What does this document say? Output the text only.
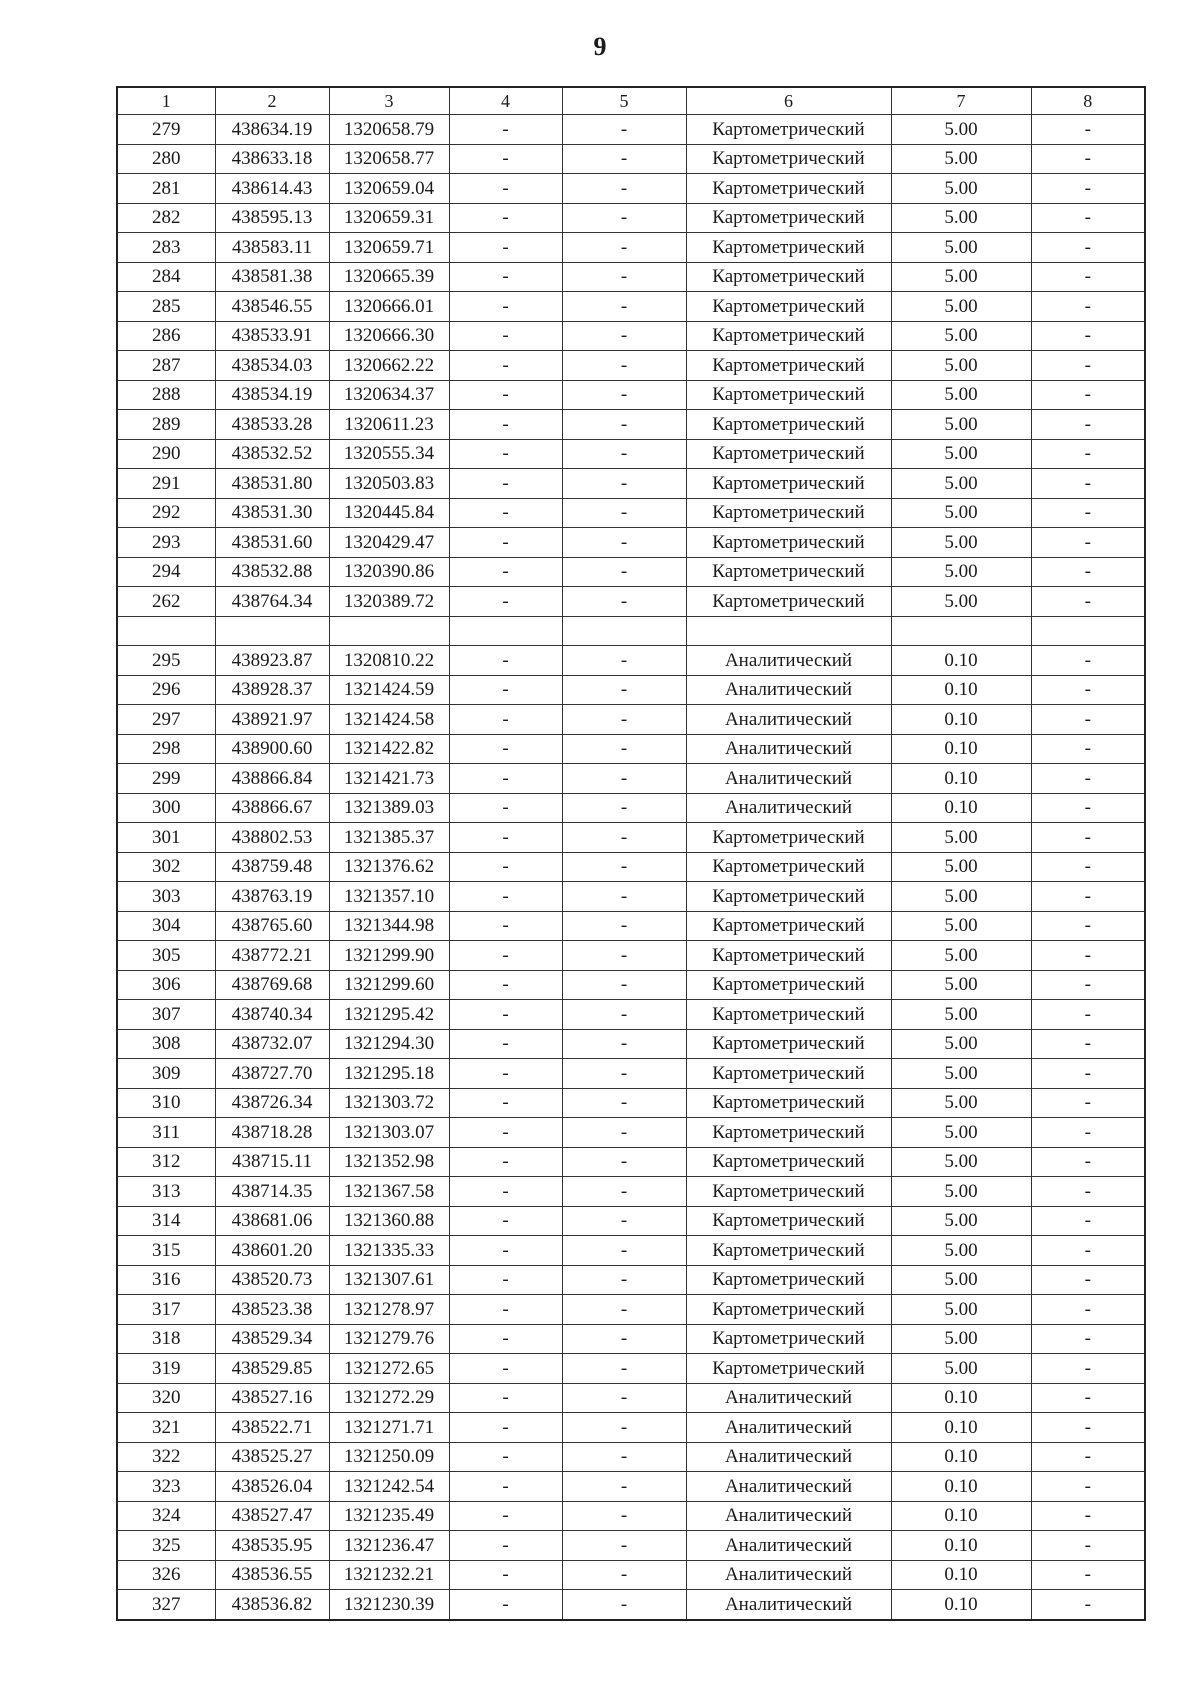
9
1	2	3	4	5	6	7	8
279	438634.19	1320658.79	-	-	Картометрический	5.00	-
280	438633.18	1320658.77	-	-	Картометрический	5.00	-
281	438614.43	1320659.04	-	-	Картометрический	5.00	-
282	438595.13	1320659.31	-	-	Картометрический	5.00	-
283	438583.11	1320659.71	-	-	Картометрический	5.00	-
284	438581.38	1320665.39	-	-	Картометрический	5.00	-
285	438546.55	1320666.01	-	-	Картометрический	5.00	-
286	438533.91	1320666.30	-	-	Картометрический	5.00	-
287	438534.03	1320662.22	-	-	Картометрический	5.00	-
288	438534.19	1320634.37	-	-	Картометрический	5.00	-
289	438533.28	1320611.23	-	-	Картометрический	5.00	-
290	438532.52	1320555.34	-	-	Картометрический	5.00	-
291	438531.80	1320503.83	-	-	Картометрический	5.00	-
292	438531.30	1320445.84	-	-	Картометрический	5.00	-
293	438531.60	1320429.47	-	-	Картометрический	5.00	-
294	438532.88	1320390.86	-	-	Картометрический	5.00	-
262	438764.34	1320389.72	-	-	Картометрический	5.00	-

295	438923.87	1320810.22	-	-	Аналитический	0.10	-
296	438928.37	1321424.59	-	-	Аналитический	0.10	-
297	438921.97	1321424.58	-	-	Аналитический	0.10	-
298	438900.60	1321422.82	-	-	Аналитический	0.10	-
299	438866.84	1321421.73	-	-	Аналитический	0.10	-
300	438866.67	1321389.03	-	-	Аналитический	0.10	-
301	438802.53	1321385.37	-	-	Картометрический	5.00	-
302	438759.48	1321376.62	-	-	Картометрический	5.00	-
303	438763.19	1321357.10	-	-	Картометрический	5.00	-
304	438765.60	1321344.98	-	-	Картометрический	5.00	-
305	438772.21	1321299.90	-	-	Картометрический	5.00	-
306	438769.68	1321299.60	-	-	Картометрический	5.00	-
307	438740.34	1321295.42	-	-	Картометрический	5.00	-
308	438732.07	1321294.30	-	-	Картометрический	5.00	-
309	438727.70	1321295.18	-	-	Картометрический	5.00	-
310	438726.34	1321303.72	-	-	Картометрический	5.00	-
311	438718.28	1321303.07	-	-	Картометрический	5.00	-
312	438715.11	1321352.98	-	-	Картометрический	5.00	-
313	438714.35	1321367.58	-	-	Картометрический	5.00	-
314	438681.06	1321360.88	-	-	Картометрический	5.00	-
315	438601.20	1321335.33	-	-	Картометрический	5.00	-
316	438520.73	1321307.61	-	-	Картометрический	5.00	-
317	438523.38	1321278.97	-	-	Картометрический	5.00	-
318	438529.34	1321279.76	-	-	Картометрический	5.00	-
319	438529.85	1321272.65	-	-	Картометрический	5.00	-
320	438527.16	1321272.29	-	-	Аналитический	0.10	-
321	438522.71	1321271.71	-	-	Аналитический	0.10	-
322	438525.27	1321250.09	-	-	Аналитический	0.10	-
323	438526.04	1321242.54	-	-	Аналитический	0.10	-
324	438527.47	1321235.49	-	-	Аналитический	0.10	-
325	438535.95	1321236.47	-	-	Аналитический	0.10	-
326	438536.55	1321232.21	-	-	Аналитический	0.10	-
327	438536.82	1321230.39	-	-	Аналитический	0.10	-
